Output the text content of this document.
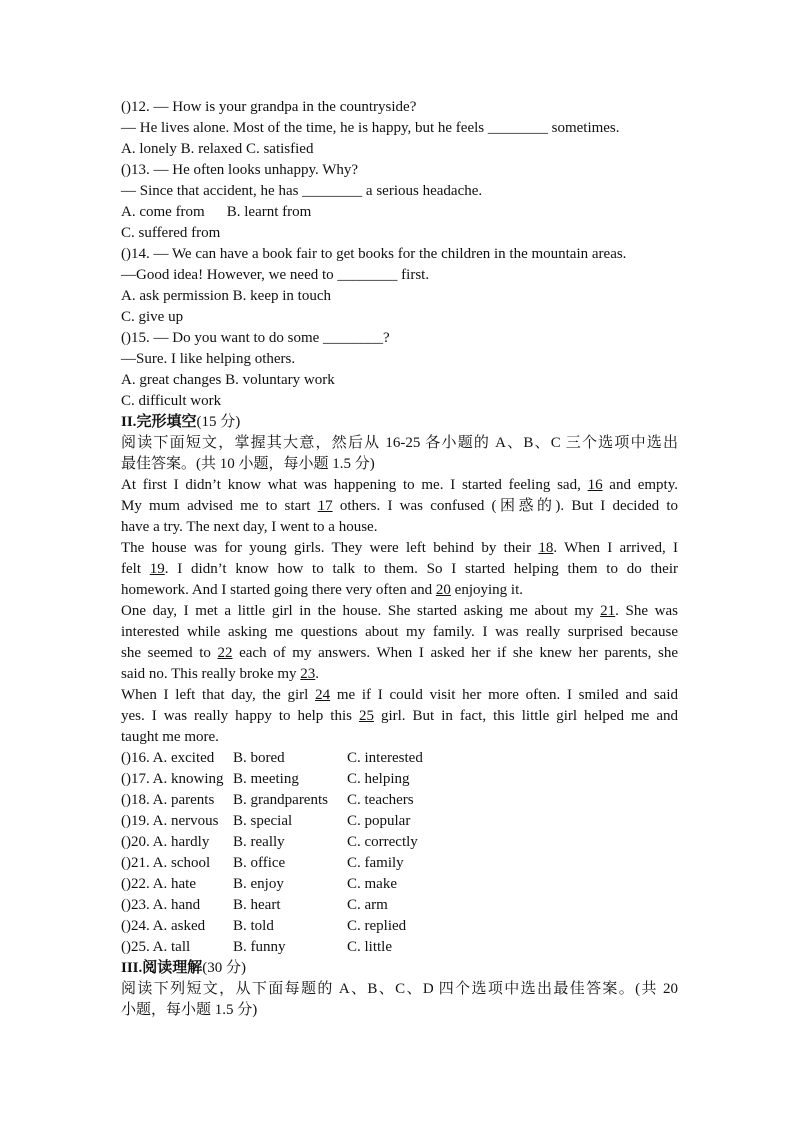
()12. — How is your grandpa in the countryside?
— He lives alone. Most of the time, he is happy, but he feels ________ sometimes.
A. lonely B. relaxed C. satisfied
()13. — He often looks unhappy. Why?
— Since that accident, he has ________ a serious headache.
A. come from B. learnt from
C. suffered from
()14. — We can have a book fair to get books for the children in the mountain areas.
—Good idea! However, we need to ________ first.
A. ask permission B. keep in touch
C. give up
()15. — Do you want to do some ________?
—Sure. I like helping others.
A. great changes B. voluntary work
C. difficult work
II.完形填空(15 分)
阅读下面短文，掌握其大意，然后从 16-25 各小题的 A、B、C 三个选项中选出
最佳答案。(共 10 小题，每小题 1.5 分)
At first I didn’t know what was happening to me. I started feeling sad, 16 and empty.
My mum advised me to start 17 others. I was confused (困惑的). But I decided to
have a try. The next day, I went to a house.
The house was for young girls. They were left behind by their 18. When I arrived, I
felt 19. I didn’t know how to talk to them. So I started helping them to do their
homework. And I started going there very often and 20 enjoying it.
One day, I met a little girl in the house. She started asking me about my 21. She was
interested while asking me questions about my family. I was really surprised because
she seemed to 22 each of my answers. When I asked her if she knew her parents, she
said no. This really broke my 23.
When I left that day, the girl 24 me if I could visit her more often. I smiled and said
yes. I was really happy to help this 25 girl. But in fact, this little girl helped me and
taught me more.
()16. A. excited B. bored	C. interested
()17. A. knowing B. meeting	C. helping
()18. A. parents B. grandparents C. teachers
()19. A. nervous B. special	C. popular
()20. A. hardly B. really	C. correctly
()21. A. school B. office	C. family
()22. A. hate B. enjoy	C. make
()23. A. hand B. heart	C. arm
()24. A. asked B. told	C. replied
()25. A. tall	B. funny	C. little
III.阅读理解(30 分)
阅读下列短文，从下面每题的 A、B、C、D 四个选项中选出最佳答案。(共 20
小题，每小题 1.5 分)
